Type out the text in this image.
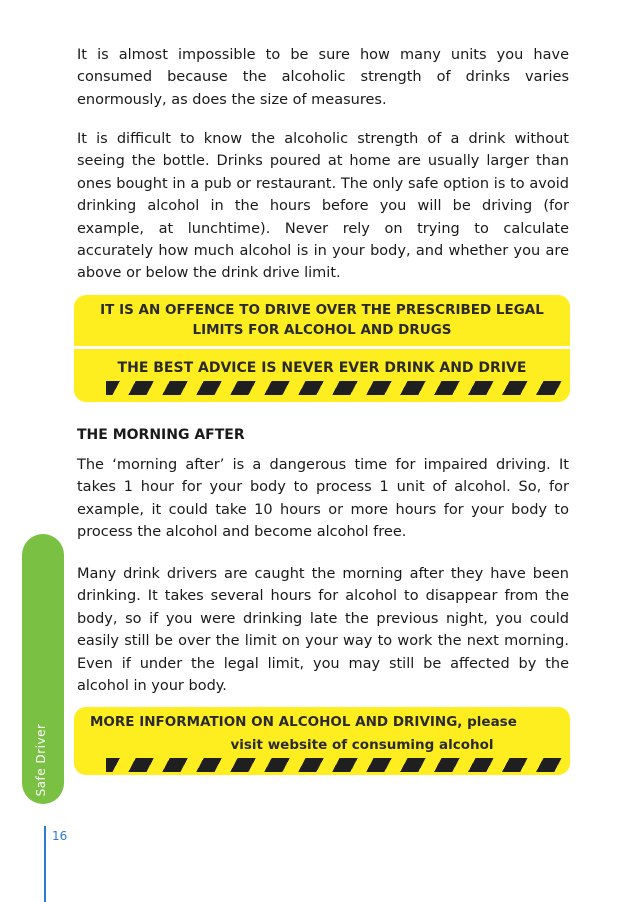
It is almost impossible to be sure how many units you have consumed because the alcoholic strength of drinks varies enormously, as does the size of measures.

It is difficult to know the alcoholic strength of a drink without seeing the bottle. Drinks poured at home are usually larger than ones bought in a pub or restaurant. The only safe option is to avoid drinking alcohol in the hours before you will be driving (for example, at lunchtime). Never rely on trying to calculate accurately how much alcohol is in your body, and whether you are above or below the drink drive limit.

IT IS AN OFFENCE TO DRIVE OVER THE PRESCRIBED LEGAL
LIMITS FOR ALCOHOL AND DRUGS
THE BEST ADVICE IS NEVER EVER DRINK AND DRIVE
THE MORNING AFTER

The ‘morning after’ is a dangerous time for impaired driving. It takes 1 hour for your body to process 1 unit of alcohol. So, for example, it could take 10 hours or more hours for your body to process the alcohol and become alcohol free.

Many drink drivers are caught the morning after they have been drinking. It takes several hours for alcohol to disappear from the body, so if you were drinking late the previous night, you could easily still be over the limit on your way to work the next morning. Even if under the legal limit, you may still be affected by the alcohol in your body.

MORE INFORMATION ON ALCOHOL AND DRIVING, please
visit website of consuming alcohol
Safe Driver
16
